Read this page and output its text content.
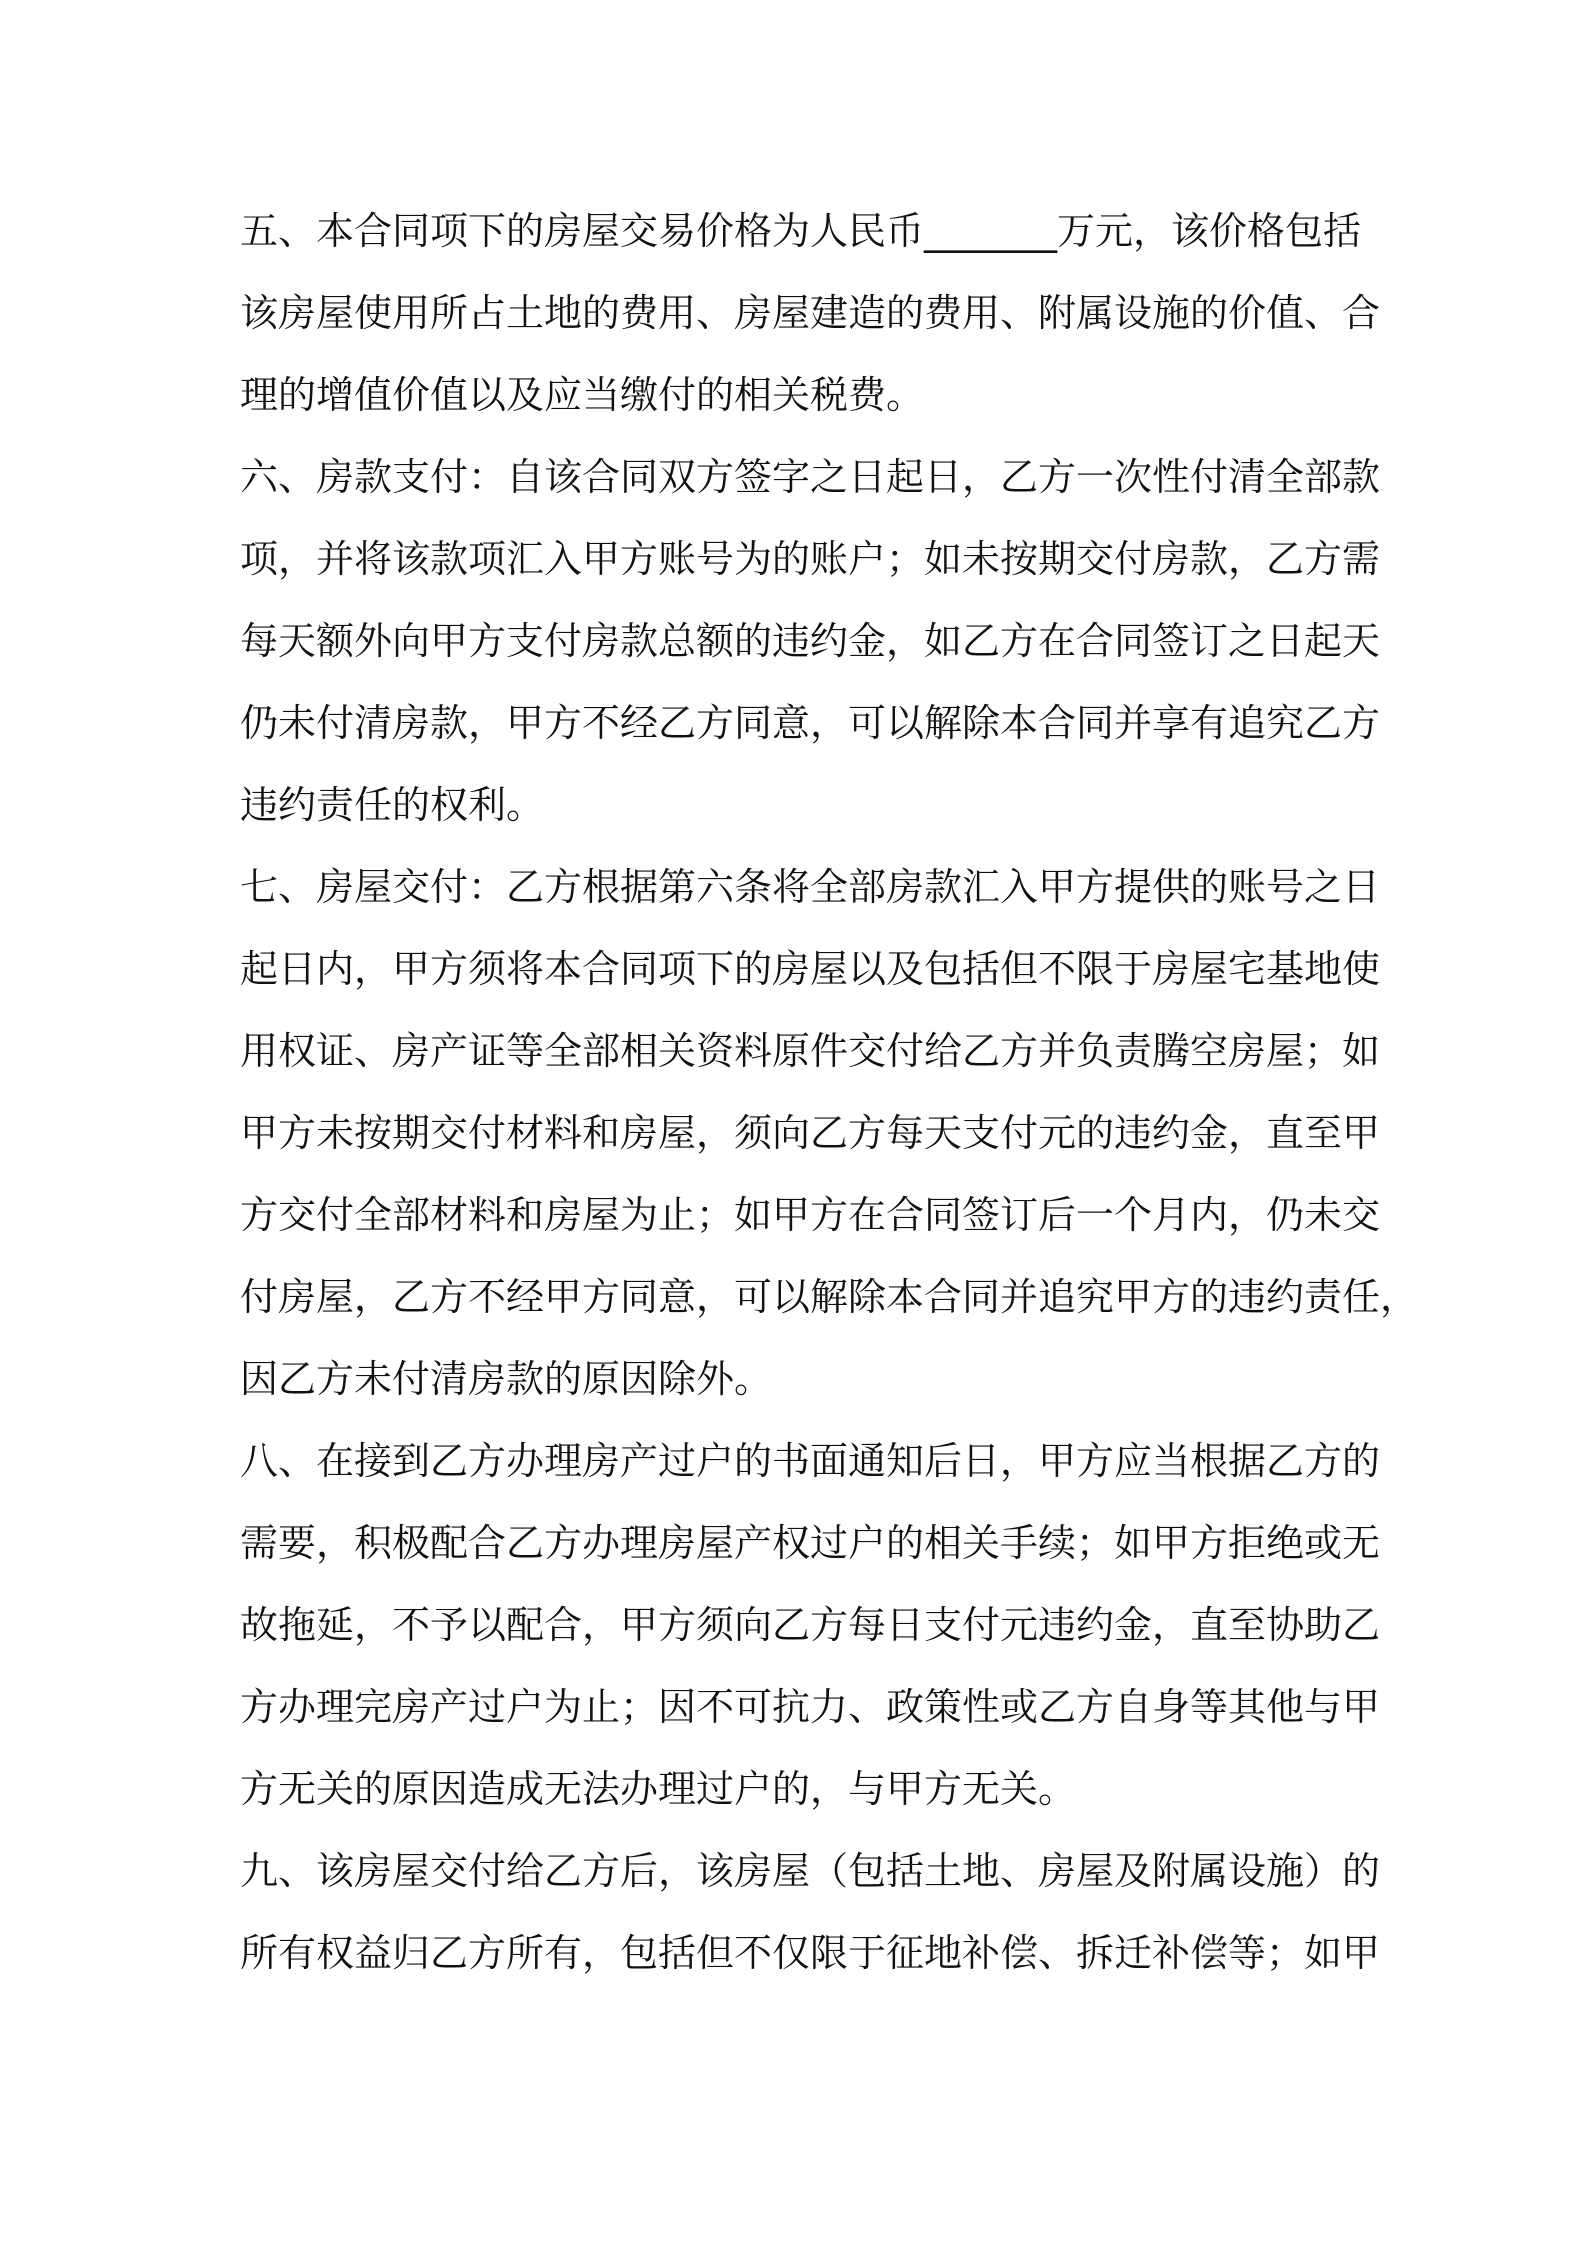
五、本合同项下的房屋交易价格为人民币_______万元，该价格包括
该房屋使用所占土地的费用、房屋建造的费用、附属设施的价值、合
理的增值价值以及应当缴付的相关税费。
六、房款支付：自该合同双方签字之日起日，乙方一次性付清全部款
项，并将该款项汇入甲方账号为的账户；如未按期交付房款，乙方需
每天额外向甲方支付房款总额的违约金，如乙方在合同签订之日起天
仍未付清房款，甲方不经乙方同意，可以解除本合同并享有追究乙方
违约责任的权利。
七、房屋交付：乙方根据第六条将全部房款汇入甲方提供的账号之日
起日内，甲方须将本合同项下的房屋以及包括但不限于房屋宅基地使
用权证、房产证等全部相关资料原件交付给乙方并负责腾空房屋；如
甲方未按期交付材料和房屋，须向乙方每天支付元的违约金，直至甲
方交付全部材料和房屋为止；如甲方在合同签订后一个月内，仍未交
付房屋，乙方不经甲方同意，可以解除本合同并追究甲方的违约责任，
因乙方未付清房款的原因除外。
八、在接到乙方办理房产过户的书面通知后日，甲方应当根据乙方的
需要，积极配合乙方办理房屋产权过户的相关手续；如甲方拒绝或无
故拖延，不予以配合，甲方须向乙方每日支付元违约金，直至协助乙
方办理完房产过户为止；因不可抗力、政策性或乙方自身等其他与甲
方无关的原因造成无法办理过户的，与甲方无关。
九、该房屋交付给乙方后，该房屋（包括土地、房屋及附属设施）的
所有权益归乙方所有，包括但不仅限于征地补偿、拆迁补偿等；如甲
